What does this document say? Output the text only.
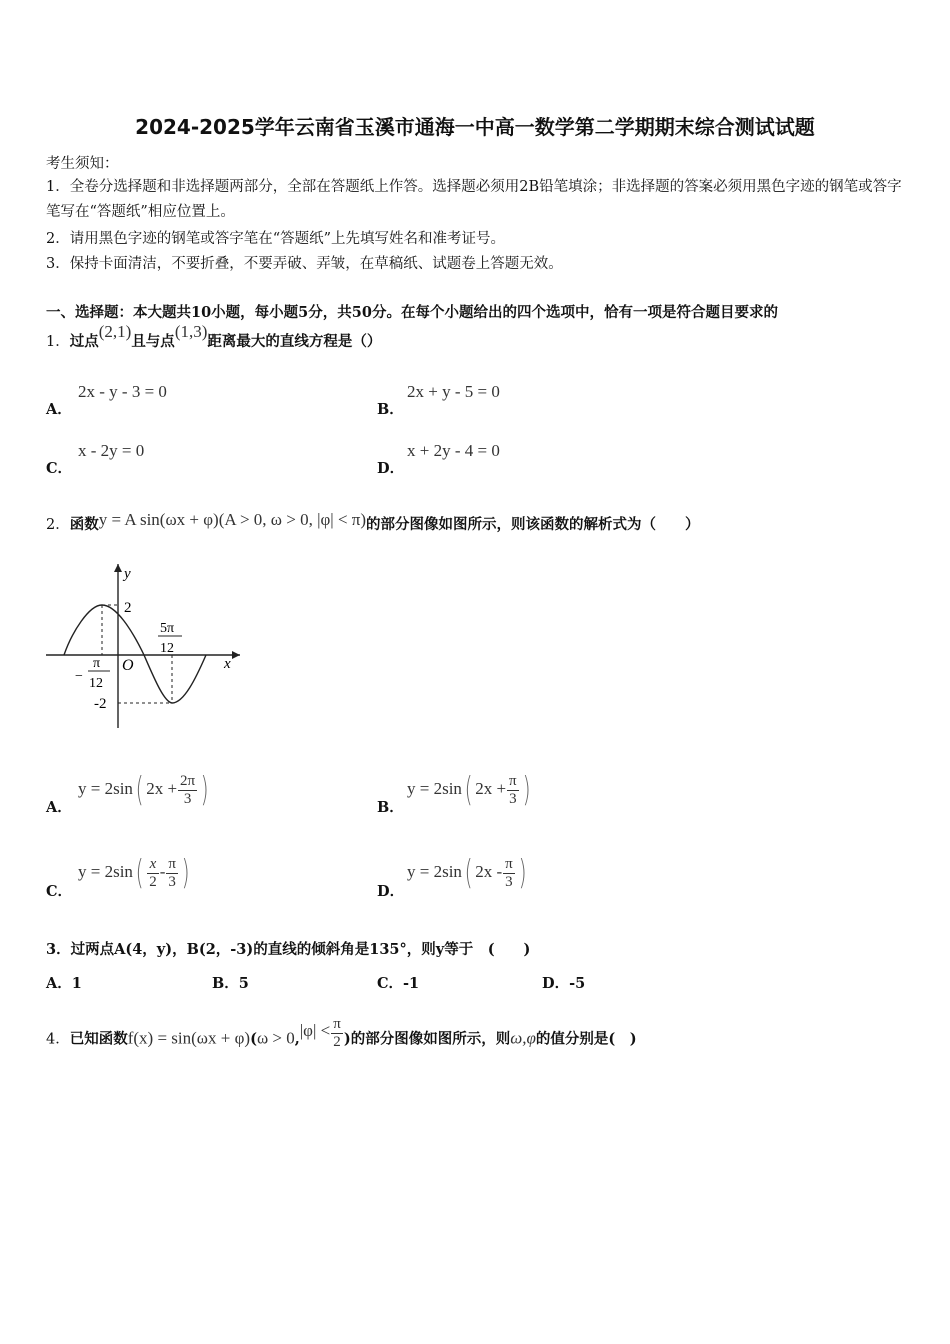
2024-2025学年云南省玉溪市通海一中高一数学第二学期期末综合测试试题
考生须知：
1．全卷分选择题和非选择题两部分，全部在答题纸上作答。选择题必须用2B铅笔填涂；非选择题的答案必须用黑色字迹的钢笔或答字笔写在“答题纸”相应位置上。
2．请用黑色字迹的钢笔或答字笔在“答题纸”上先填写姓名和准考证号。
3．保持卡面清洁，不要折叠，不要弄破、弄皱，在草稿纸、试题卷上答题无效。
一、选择题：本大题共10小题，每小题5分，共50分。在每个小题给出的四个选项中，恰有一项是符合题目要求的
1．过点(2,1)且与点(1,3)距离最大的直线方程是（）
A．
2x - y - 3 = 0
B．
2x + y - 5 = 0
C．
x - 2y = 0
D．
x + 2y - 4 = 0
2．函数y = A sin(ωx + φ)(A > 0, ω > 0, |φ| < π)的部分图像如图所示，则该函数的解析式为（　　）
y
x
O
2
-2
−
π
12
5π
12
A．
y = 2sin( $2x + \frac{2\pi}{3}$ )	B．
y = 2sin( $2x + \frac{\pi}{3}$ )
C．
$y = 2\sin( \frac{x}{2} - \frac{\pi}{3}$ )	D．
y = 2sin( $2x - \frac{\pi}{3}$ )
3．过两点A(4，y)，B(2，-3)的直线的倾斜角是135°，则y等于　(　　)
A．1	B．5	C．-1	D．-5
4．已知函数$f(x) = \sin(\omega x + \varphi)(\omega > 0,|\varphi| < \frac{\pi}{2}$ )的部分图像如图所示，则ω,φ的值分别是(　)
